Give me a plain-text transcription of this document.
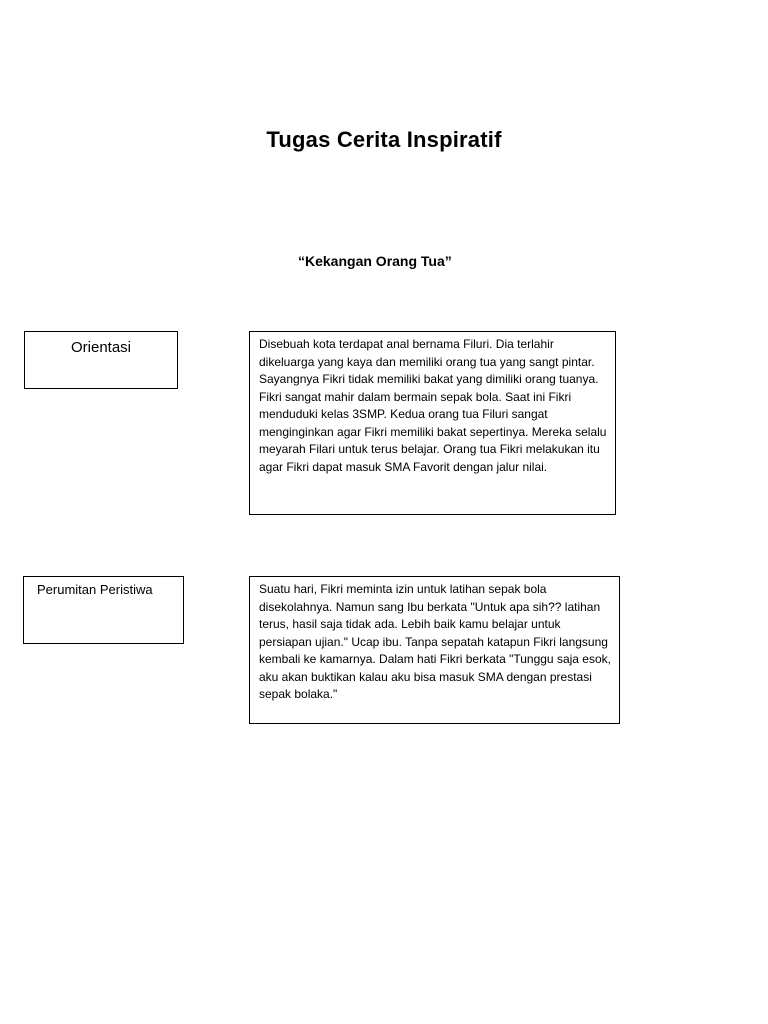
Tugas Cerita Inspiratif
“Kekangan Orang Tua”
Orientasi	Disebuah kota terdapat anal bernama Filuri. Dia terlahir dikeluarga yang kaya dan memiliki orang tua yang sangt pintar. Sayangnya Fikri tidak memiliki bakat yang dimiliki orang tuanya. Fikri sangat mahir dalam bermain sepak bola. Saat ini Fikri menduduki kelas 3SMP. Kedua orang tua Filuri sangat menginginkan agar Fikri memiliki bakat sepertinya. Mereka selalu meyarah Filari untuk terus belajar. Orang tua Fikri melakukan itu agar Fikri dapat masuk SMA Favorit dengan jalur nilai.
Perumitan Peristiwa	Suatu hari, Fikri meminta izin untuk latihan sepak bola disekolahnya. Namun sang Ibu berkata "Untuk apa sih?? latihan terus, hasil saja tidak ada. Lebih baik kamu belajar untuk persiapan ujian." Ucap ibu. Tanpa sepatah katapun Fikri langsung kembali ke kamarnya. Dalam hati Fikri berkata "Tunggu saja esok, aku akan buktikan kalau aku bisa masuk SMA dengan prestasi sepak bolaka."
